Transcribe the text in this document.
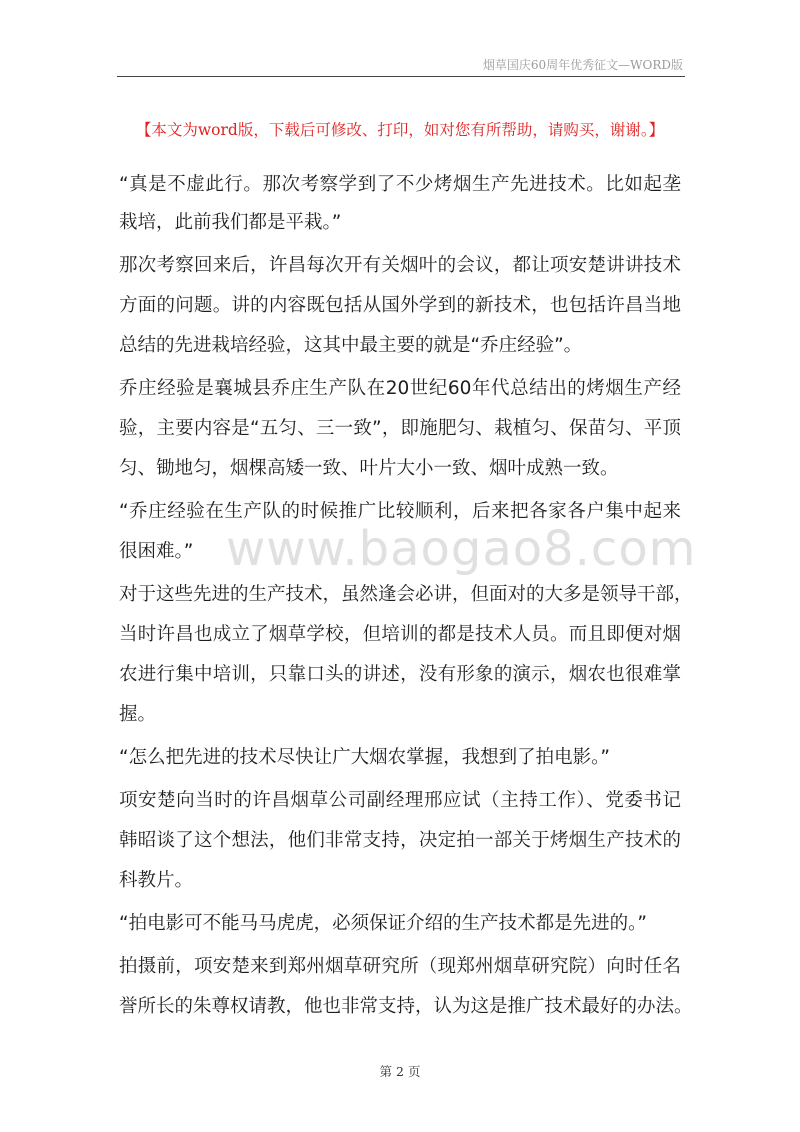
烟草国庆60周年优秀征文—WORD版
【本文为word版，下载后可修改、打印，如对您有所帮助，请购买，谢谢。】
www.baogao8.com
“真是不虚此行。那次考察学到了不少烤烟生产先进技术。比如起垄
栽培，此前我们都是平栽。”
那次考察回来后，许昌每次开有关烟叶的会议，都让项安楚讲讲技术
方面的问题。讲的内容既包括从国外学到的新技术，也包括许昌当地
总结的先进栽培经验，这其中最主要的就是“乔庄经验”。
乔庄经验是襄城县乔庄生产队在20世纪60年代总结出的烤烟生产经
验，主要内容是“五匀、三一致”，即施肥匀、栽植匀、保苗匀、平顶
匀、锄地匀，烟棵高矮一致、叶片大小一致、烟叶成熟一致。
“乔庄经验在生产队的时候推广比较顺利，后来把各家各户集中起来
很困难。”
对于这些先进的生产技术，虽然逢会必讲，但面对的大多是领导干部，
当时许昌也成立了烟草学校，但培训的都是技术人员。而且即便对烟
农进行集中培训，只靠口头的讲述，没有形象的演示，烟农也很难掌
握。
“怎么把先进的技术尽快让广大烟农掌握，我想到了拍电影。”
项安楚向当时的许昌烟草公司副经理邢应试（主持工作）、党委书记
韩昭谈了这个想法，他们非常支持，决定拍一部关于烤烟生产技术的
科教片。
“拍电影可不能马马虎虎，必须保证介绍的生产技术都是先进的。”
拍摄前，项安楚来到郑州烟草研究所（现郑州烟草研究院）向时任名
誉所长的朱尊权请教，他也非常支持，认为这是推广技术最好的办法。
第 2 页
